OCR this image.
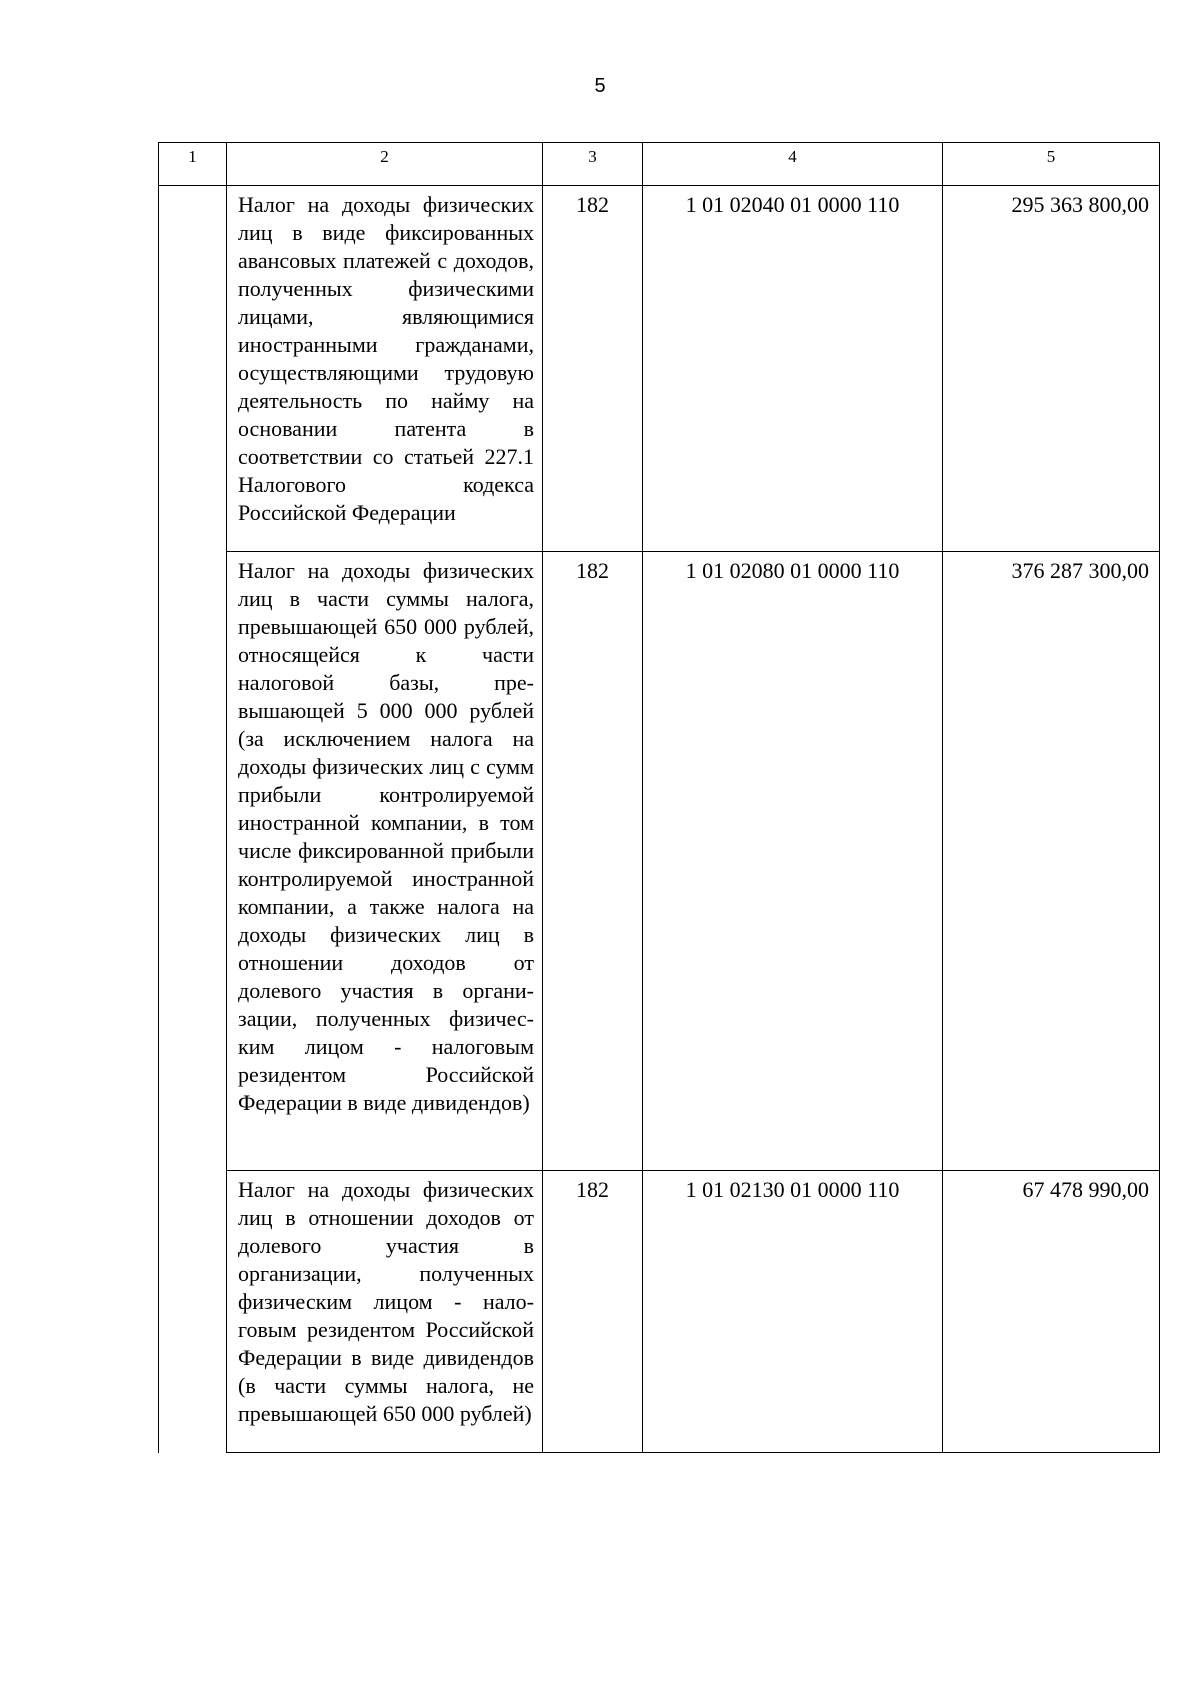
5
1	2	3	4	5
	Налог на доходы физических лиц в виде фиксированных авансовых платежей с доходов, полученных физическими лицами, являющимися иностранными гражданами, осуществляющими трудовую деятельность по найму на основании патента в соответствии со статьей 227.1 Налогового кодекса Российской Федерации	182	1 01 02040 01 0000 110	295 363 800,00
	Налог на доходы физических лиц в части суммы налога, превышающей 650 000 рублей, относящейся к части налоговой базы, превышающей 5 000 000 рублей (за исключением налога на доходы физических лиц с сумм прибыли контролируемой иностранной компании, в том числе фиксированной прибыли контролируемой иностранной компании, а также налога на доходы физических лиц в отношении доходов от долевого участия в организации, полученных физическим лицом - налоговым резидентом Российской Федерации в виде дивидендов)	182	1 01 02080 01 0000 110	376 287 300,00
	Налог на доходы физических лиц в отношении доходов от долевого участия в организации, полученных физическим лицом - налоговым резидентом Российской Федерации в виде дивидендов (в части суммы налога, не превышающей 650 000 рублей)	182	1 01 02130 01 0000 110	67 478 990,00
